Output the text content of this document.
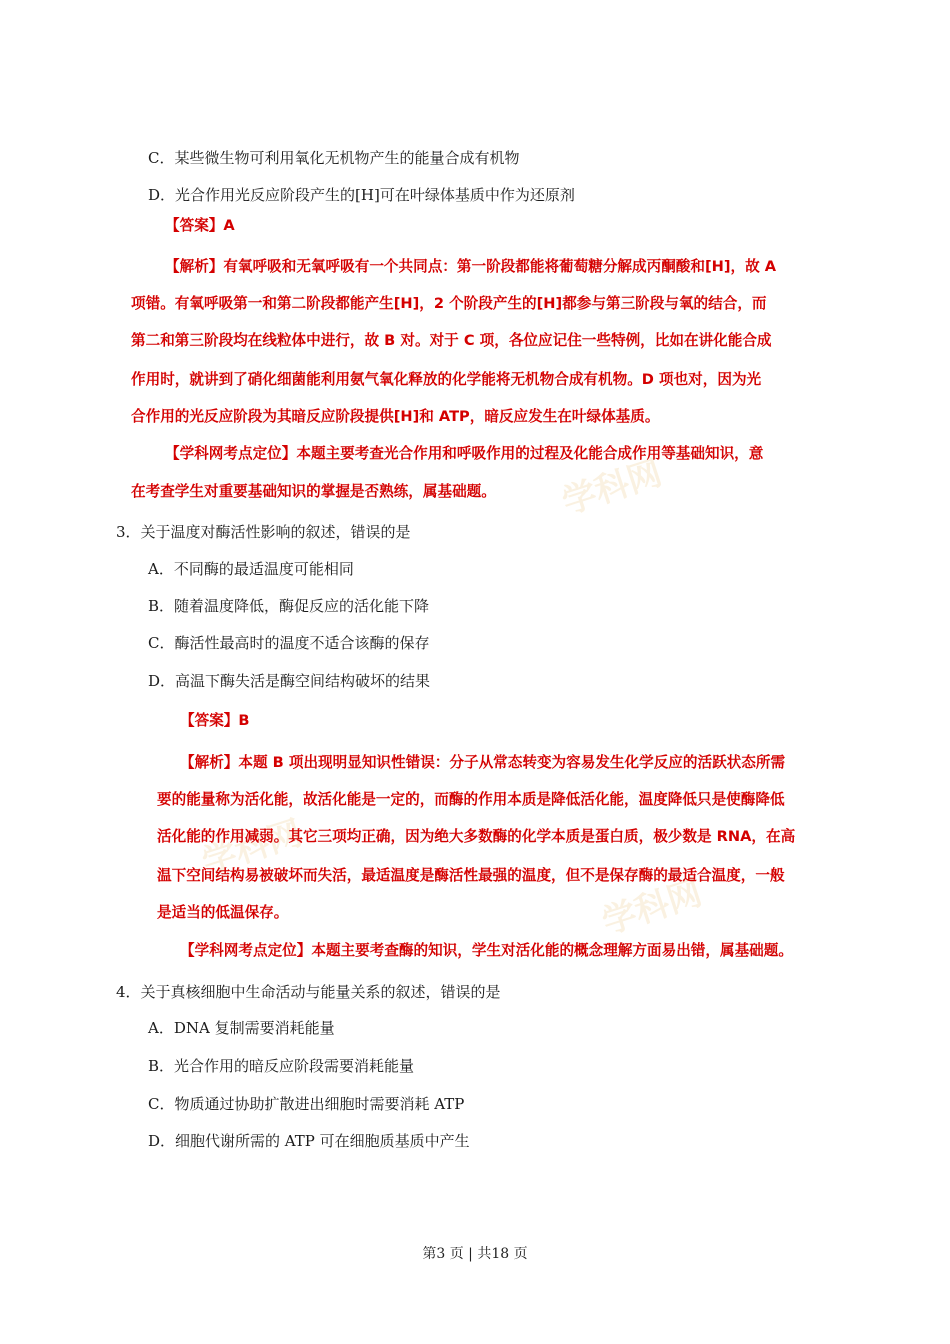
学科网
学科网
学科网
C．某些微生物可利用氧化无机物产生的能量合成有机物
D．光合作用光反应阶段产生的[H]可在叶绿体基质中作为还原剂
【答案】A
【解析】有氧呼吸和无氧呼吸有一个共同点：第一阶段都能将葡萄糖分解成丙酮酸和[H]，故 A
项错。有氧呼吸第一和第二阶段都能产生[H]，2 个阶段产生的[H]都参与第三阶段与氧的结合，而
第二和第三阶段均在线粒体中进行，故 B 对。对于 C 项，各位应记住一些特例，比如在讲化能合成
作用时，就讲到了硝化细菌能利用氨气氧化释放的化学能将无机物合成有机物。D 项也对，因为光
合作用的光反应阶段为其暗反应阶段提供[H]和 ATP，暗反应发生在叶绿体基质。
【学科网考点定位】本题主要考查光合作用和呼吸作用的过程及化能合成作用等基础知识，意
在考查学生对重要基础知识的掌握是否熟练，属基础题。
3．关于温度对酶活性影响的叙述，错误的是
A．不同酶的最适温度可能相同
B．随着温度降低，酶促反应的活化能下降
C．酶活性最高时的温度不适合该酶的保存
D．高温下酶失活是酶空间结构破坏的结果
【答案】B
【解析】本题 B 项出现明显知识性错误：分子从常态转变为容易发生化学反应的活跃状态所需
要的能量称为活化能，故活化能是一定的，而酶的作用本质是降低活化能，温度降低只是使酶降低
活化能的作用减弱。其它三项均正确，因为绝大多数酶的化学本质是蛋白质，极少数是 RNA，在高
温下空间结构易被破坏而失活，最适温度是酶活性最强的温度，但不是保存酶的最适合温度，一般
是适当的低温保存。
【学科网考点定位】本题主要考查酶的知识，学生对活化能的概念理解方面易出错，属基础题。
4．关于真核细胞中生命活动与能量关系的叙述，错误的是
A．DNA 复制需要消耗能量
B．光合作用的暗反应阶段需要消耗能量
C．物质通过协助扩散进出细胞时需要消耗 ATP
D．细胞代谢所需的 ATP 可在细胞质基质中产生
第3 页 | 共18 页
